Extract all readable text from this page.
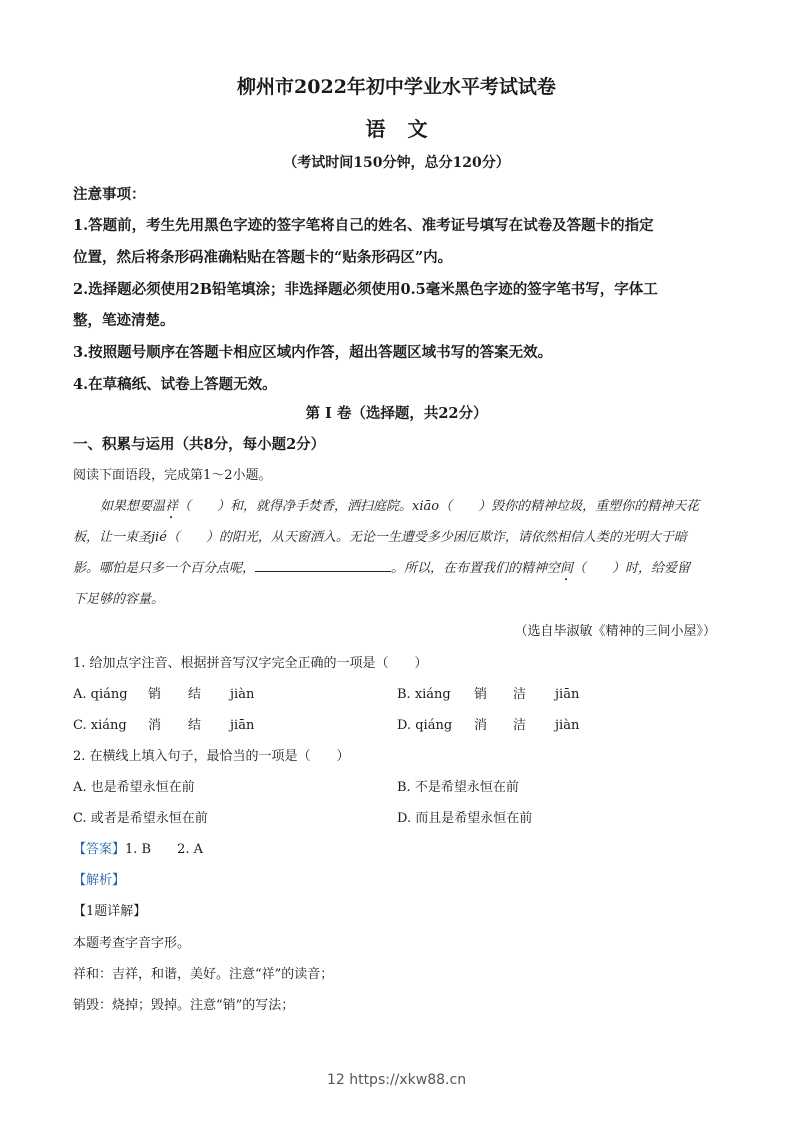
柳州市2022年初中学业水平考试试卷
语文
（考试时间150分钟，总分120分）
注意事项：
1.答题前，考生先用黑色字迹的签字笔将自己的姓名、准考证号填写在试卷及答题卡的指定
位置，然后将条形码准确粘贴在答题卡的“贴条形码区”内。
2.选择题必须使用2B铅笔填涂；非选择题必须使用0.5毫米黑色字迹的签字笔书写，字体工
整，笔迹清楚。
3.按照题号顺序在答题卡相应区域内作答，超出答题区域书写的答案无效。
4.在草稿纸、试卷上答题无效。
第 Ⅰ 卷（选择题，共22分）
一、积累与运用（共8分，每小题2分）
阅读下面语段，完成第1～2小题。
如果想要温祥（　　）和，就得净手焚香，洒扫庭院。xiāo（　　）毁你的精神垃圾，重塑你的精神天花
板，让一束圣jié（　　）的阳光，从天窗洒入。无论一生遭受多少困厄欺诈，请依然相信人类的光明大于暗
影。哪怕是只多一个百分点呢，	。所以，在布置我们的精神空间（　　）时，给爱留
下足够的容量。
（选自毕淑敏《精神的三间小屋》）
1. 给加点字注音、根据拼音写汉字完全正确的一项是（　　）
A. qiáng 销 结 jiàn	B. xiáng 销 洁 jiān
C. xiáng 消 结 jiān	D. qiáng 消 洁 jiàn
2. 在横线上填入句子，最恰当的一项是（　　）
A. 也是希望永恒在前	B. 不是希望永恒在前
C. 或者是希望永恒在前	D. 而且是希望永恒在前
【答案】1. B 2. A
【解析】
【1题详解】
本题考查字音字形。
祥和：吉祥，和谐，美好。注意“祥”的读音；
销毁：烧掉；毁掉。注意“销”的写法；
12 https://xkw88.cn
